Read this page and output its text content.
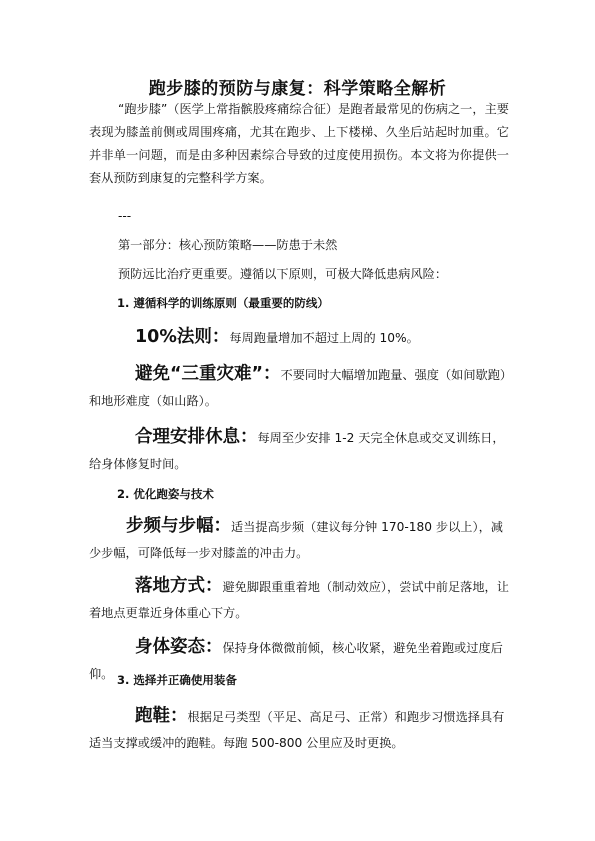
跑步膝的预防与康复：科学策略全解析
“跑步膝”（医学上常指髌股疼痛综合征）是跑者最常见的伤病之一，主要表现为膝盖前侧或周围疼痛，尤其在跑步、上下楼梯、久坐后站起时加重。它并非单一问题，而是由多种因素综合导致的过度使用损伤。本文将为你提供一套从预防到康复的完整科学方案。
---
第一部分：核心预防策略——防患于未然
预防远比治疗更重要。遵循以下原则，可极大降低患病风险：
1. 遵循科学的训练原则（最重要的防线）
10%法则：每周跑量增加不超过上周的 10%。
避免“三重灾难”：不要同时大幅增加跑量、强度（如间歇跑）和地形难度（如山路）。
合理安排休息：每周至少安排 1-2 天完全休息或交叉训练日，给身体修复时间。
2. 优化跑姿与技术
步频与步幅：适当提高步频（建议每分钟 170-180 步以上），减少步幅，可降低每一步对膝盖的冲击力。
落地方式：避免脚跟重重着地（制动效应），尝试中前足落地，让着地点更靠近身体重心下方。
身体姿态：保持身体微微前倾，核心收紧，避免坐着跑或过度后仰。 3. 选择并正确使用装备
跑鞋：根据足弓类型（平足、高足弓、正常）和跑步习惯选择具有适当支撑或缓冲的跑鞋。每跑 500-800 公里应及时更换。
